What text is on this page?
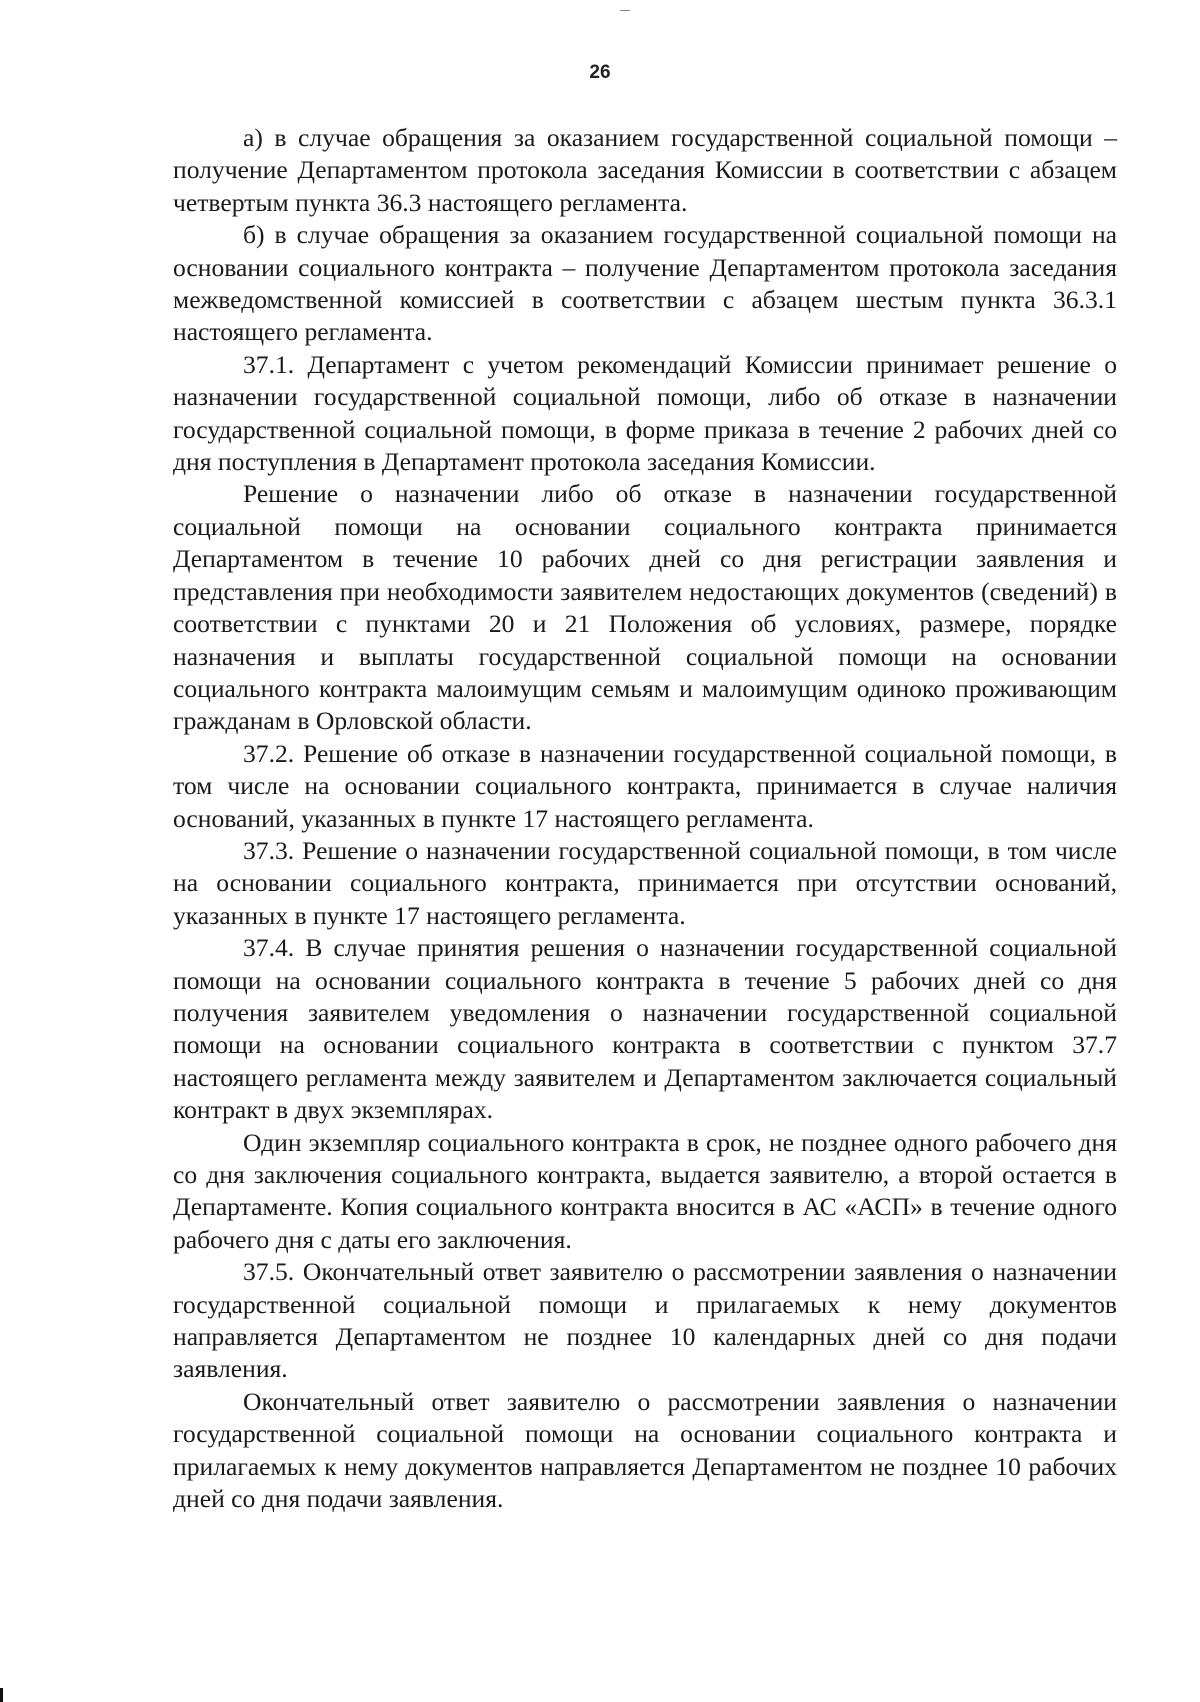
26

а) в случае обращения за оказанием государственной социальной помощи – получение Департаментом протокола заседания Комиссии в соответствии с абзацем четвертым пункта 36.3 настоящего регламента.

б) в случае обращения за оказанием государственной социальной помощи на основании социального контракта – получение Департаментом протокола заседания межведомственной комиссией в соответствии с абзацем шестым пункта 36.3.1 настоящего регламента.

37.1. Департамент с учетом рекомендаций Комиссии принимает решение о назначении государственной социальной помощи, либо об отказе в назначении государственной социальной помощи, в форме приказа в течение 2 рабочих дней со дня поступления в Департамент протокола заседания Комиссии.

Решение о назначении либо об отказе в назначении государственной социальной помощи на основании социального контракта принимается Департаментом в течение 10 рабочих дней со дня регистрации заявления и представления при необходимости заявителем недостающих документов (сведений) в соответствии с пунктами 20 и 21 Положения об условиях, размере, порядке назначения и выплаты государственной социальной помощи на основании социального контракта малоимущим семьям и малоимущим одиноко проживающим гражданам в Орловской области.

37.2. Решение об отказе в назначении государственной социальной помощи, в том числе на основании социального контракта, принимается в случае наличия оснований, указанных в пункте 17 настоящего регламента.

37.3. Решение о назначении государственной социальной помощи, в том числе на основании социального контракта, принимается при отсутствии оснований, указанных в пункте 17 настоящего регламента.

37.4. В случае принятия решения о назначении государственной социальной помощи на основании социального контракта в течение 5 рабочих дней со дня получения заявителем уведомления о назначении государственной социальной помощи на основании социального контракта в соответствии с пунктом 37.7 настоящего регламента между заявителем и Департаментом заключается социальный контракт в двух экземплярах.

Один экземпляр социального контракта в срок, не позднее одного рабочего дня со дня заключения социального контракта, выдается заявителю, а второй остается в Департаменте. Копия социального контракта вносится в АС «АСП» в течение одного рабочего дня с даты его заключения.

37.5. Окончательный ответ заявителю о рассмотрении заявления о назначении государственной социальной помощи и прилагаемых к нему документов направляется Департаментом не позднее 10 календарных дней со дня подачи заявления.

Окончательный ответ заявителю о рассмотрении заявления о назначении государственной социальной помощи на основании социального контракта и прилагаемых к нему документов направляется Департаментом не позднее 10 рабочих дней со дня подачи заявления.
